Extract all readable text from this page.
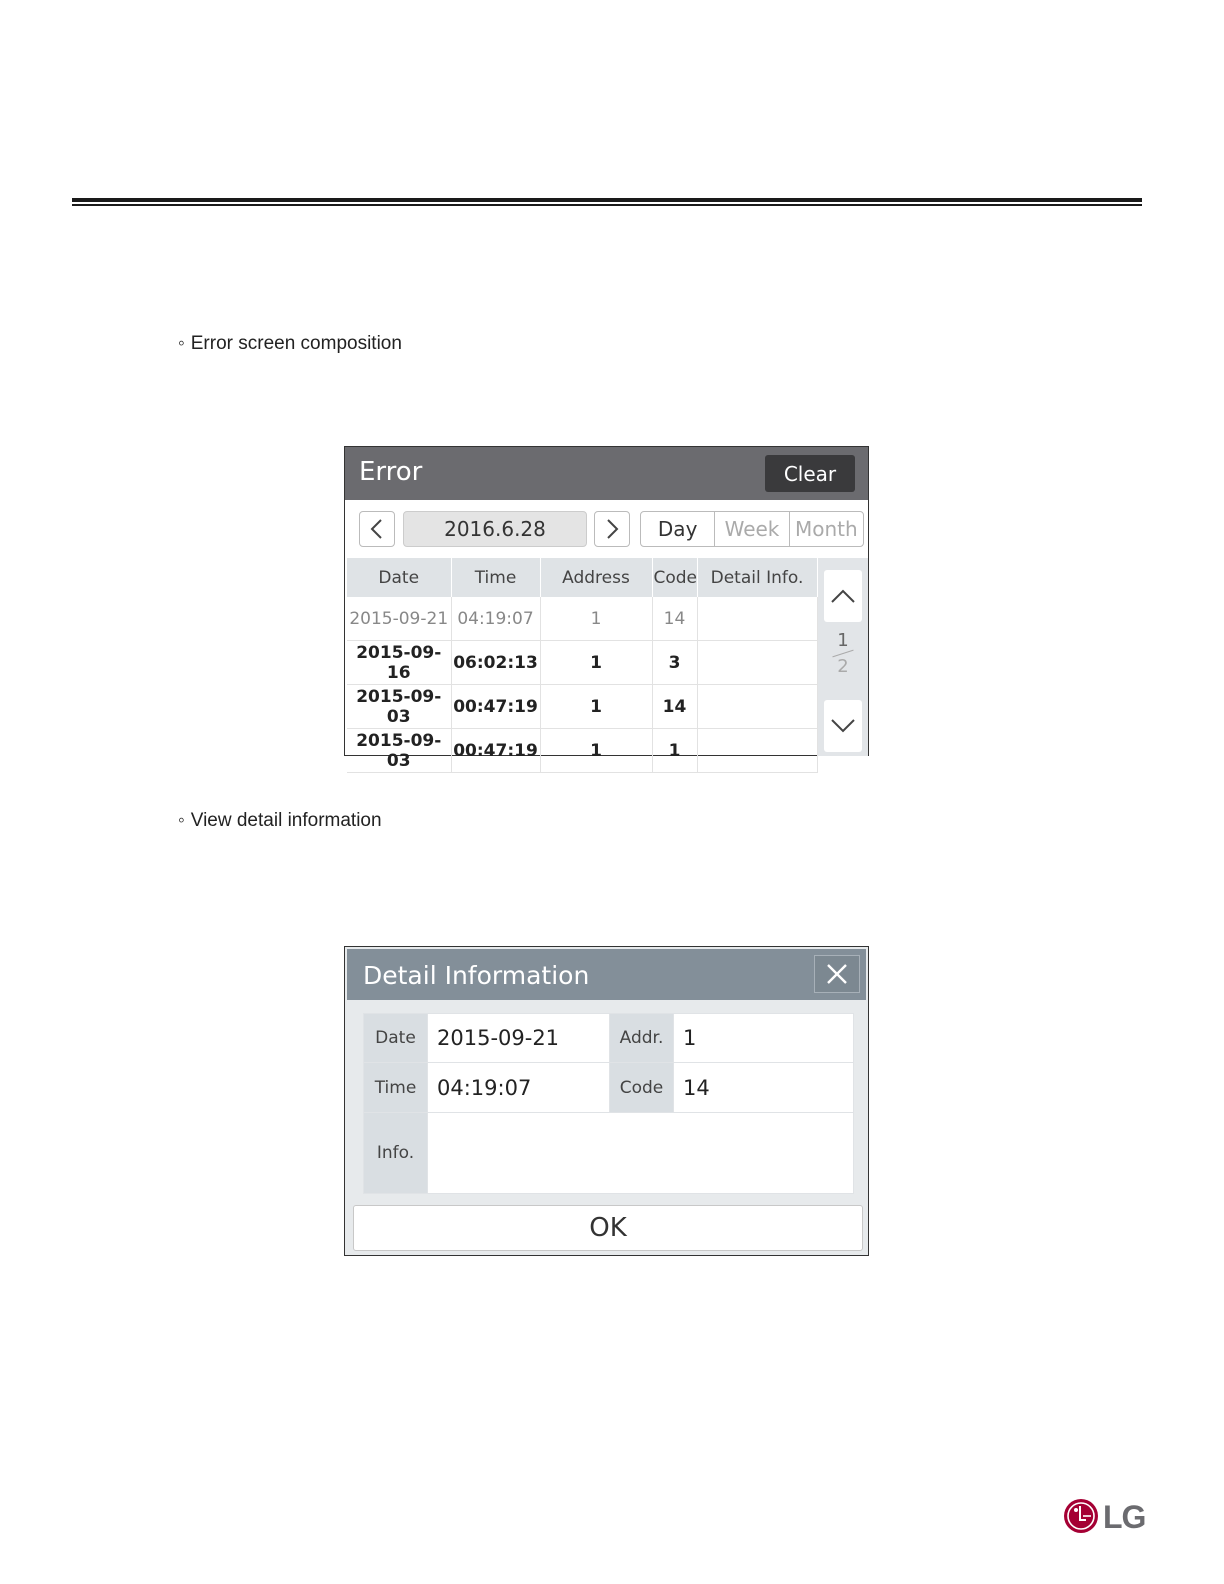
◦ Error screen composition
Error	Clear
2016.6.28	Day	Week Month
Date	Time	Address	Code	Detail Info.
2015-09-21	04:19:07	1	14	
2015-09-16	06:02:13	1	3	
2015-09-03	00:47:19	1	14	
2015-09-03	00:47:19	1	1	
1
2
◦ View detail information
Detail Information
Date	2015-09-21	Addr.	1
Time	04:19:07	Code	14
Info.			
OK
LG
